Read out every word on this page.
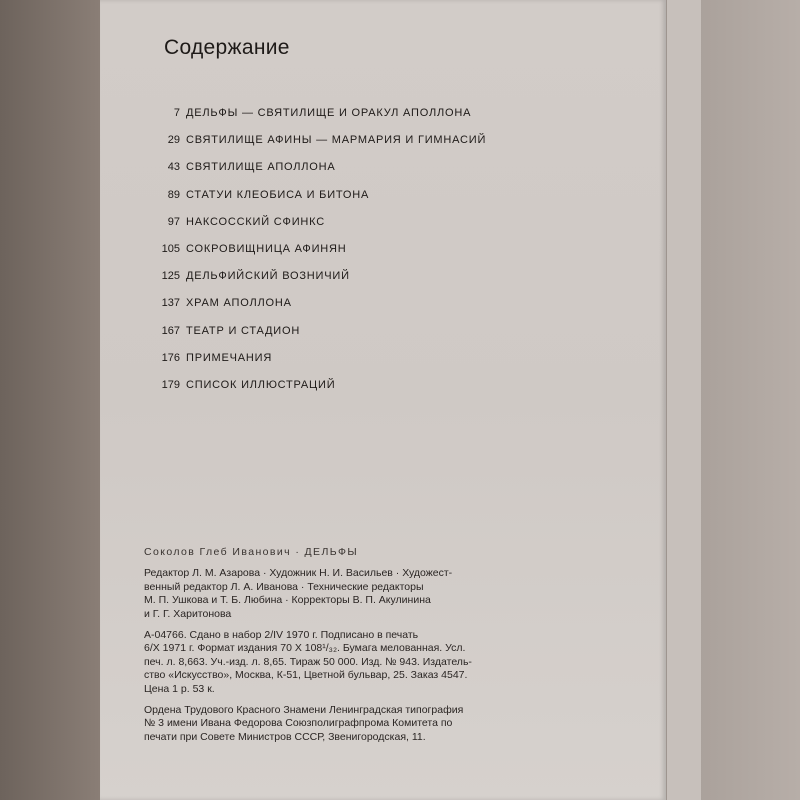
Содержание
7 ДЕЛЬФЫ — СВЯТИЛИЩЕ И ОРАКУЛ АПОЛЛОНА
29 СВЯТИЛИЩЕ АФИНЫ — МАРМАРИЯ И ГИМНАСИЙ
43 СВЯТИЛИЩЕ АПОЛЛОНА
89 СТАТУИ КЛЕОБИСА И БИТОНА
97 НАКСОССКИЙ СФИНКС
105 СОКРОВИЩНИЦА АФИНЯН
125 ДЕЛЬФИЙСКИЙ ВОЗНИЧИЙ
137 ХРАМ АПОЛЛОНА
167 ТЕАТР И СТАДИОН
176 ПРИМЕЧАНИЯ
179 СПИСОК ИЛЛЮСТРАЦИЙ
Соколов Глеб Иванович · ДЕЛЬФЫ
Редактор Л. М. Азарова · Художник Н. И. Васильев · Художест-
венный редактор Л. А. Иванова · Технические редакторы
М. П. Ушкова и Т. Б. Любина · Корректоры В. П. Акулинина
и Г. Г. Харитонова
А-04766. Сдано в набор 2/IV 1970 г. Подписано в печать
6/X 1971 г. Формат издания 70 X 108¹/₃₂. Бумага мелованная. Усл.
печ. л. 8,663. Уч.-изд. л. 8,65. Тираж 50 000. Изд. № 943. Издатель-
ство «Искусство», Москва, К-51, Цветной бульвар, 25. Заказ 4547.
Цена 1 р. 53 к.
Ордена Трудового Красного Знамени Ленинградская типография
№ 3 имени Ивана Федорова Союзполиграфпрома Комитета по
печати при Совете Министров СССР, Звенигородская, 11.
